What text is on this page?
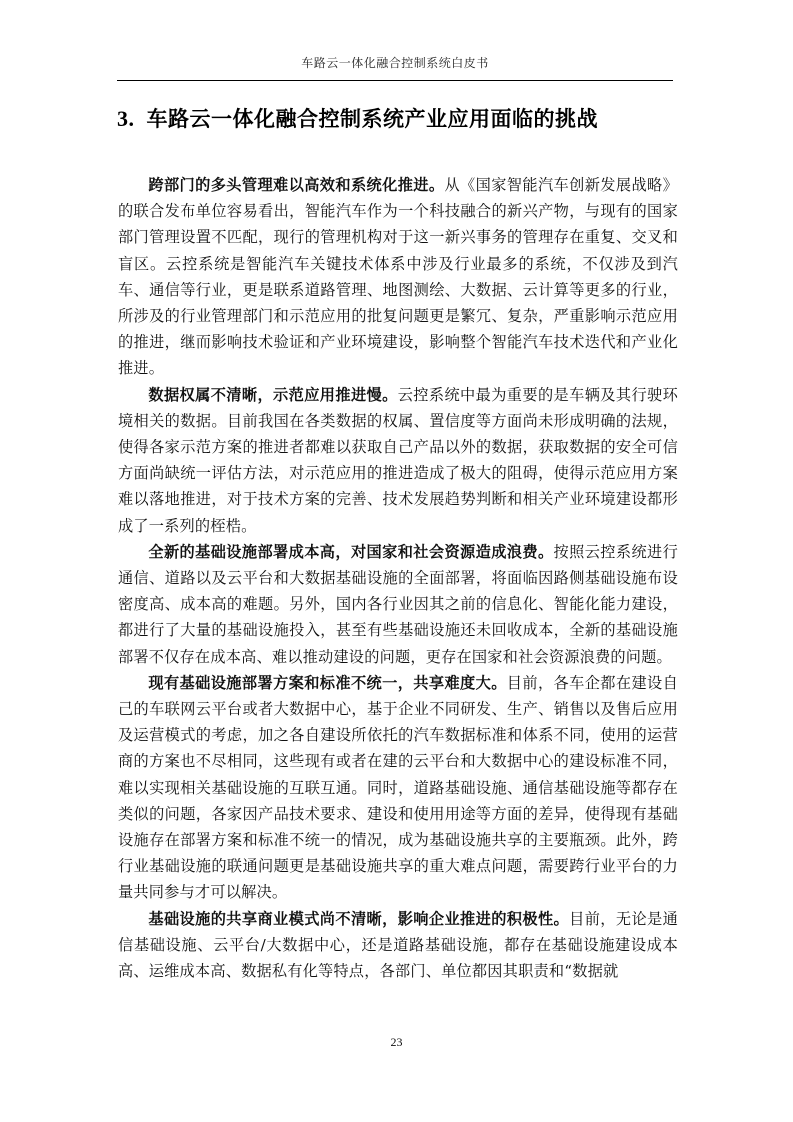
车路云一体化融合控制系统白皮书
3. 车路云一体化融合控制系统产业应用面临的挑战

跨部门的多头管理难以高效和系统化推进。从《国家智能汽车创新发展战略》的联合发布单位容易看出，智能汽车作为一个科技融合的新兴产物，与现有的国家部门管理设置不匹配，现行的管理机构对于这一新兴事务的管理存在重复、交叉和盲区。云控系统是智能汽车关键技术体系中涉及行业最多的系统，不仅涉及到汽车、通信等行业，更是联系道路管理、地图测绘、大数据、云计算等更多的行业，所涉及的行业管理部门和示范应用的批复问题更是繁冗、复杂，严重影响示范应用的推进，继而影响技术验证和产业环境建设，影响整个智能汽车技术迭代和产业化推进。

数据权属不清晰，示范应用推进慢。云控系统中最为重要的是车辆及其行驶环境相关的数据。目前我国在各类数据的权属、置信度等方面尚未形成明确的法规，使得各家示范方案的推进者都难以获取自己产品以外的数据，获取数据的安全可信方面尚缺统一评估方法，对示范应用的推进造成了极大的阻碍，使得示范应用方案难以落地推进，对于技术方案的完善、技术发展趋势判断和相关产业环境建设都形成了一系列的桎梏。

全新的基础设施部署成本高，对国家和社会资源造成浪费。按照云控系统进行通信、道路以及云平台和大数据基础设施的全面部署，将面临因路侧基础设施布设密度高、成本高的难题。另外，国内各行业因其之前的信息化、智能化能力建设，都进行了大量的基础设施投入，甚至有些基础设施还未回收成本，全新的基础设施部署不仅存在成本高、难以推动建设的问题，更存在国家和社会资源浪费的问题。

现有基础设施部署方案和标准不统一，共享难度大。目前，各车企都在建设自己的车联网云平台或者大数据中心，基于企业不同研发、生产、销售以及售后应用及运营模式的考虑，加之各自建设所依托的汽车数据标准和体系不同，使用的运营商的方案也不尽相同，这些现有或者在建的云平台和大数据中心的建设标准不同，难以实现相关基础设施的互联互通。同时，道路基础设施、通信基础设施等都存在类似的问题，各家因产品技术要求、建设和使用用途等方面的差异，使得现有基础设施存在部署方案和标准不统一的情况，成为基础设施共享的主要瓶颈。此外，跨行业基础设施的联通问题更是基础设施共享的重大难点问题，需要跨行业平台的力量共同参与才可以解决。

基础设施的共享商业模式尚不清晰，影响企业推进的积极性。目前，无论是通信基础设施、云平台/大数据中心，还是道路基础设施，都存在基础设施建设成本高、运维成本高、数据私有化等特点，各部门、单位都因其职责和“数据就

23
